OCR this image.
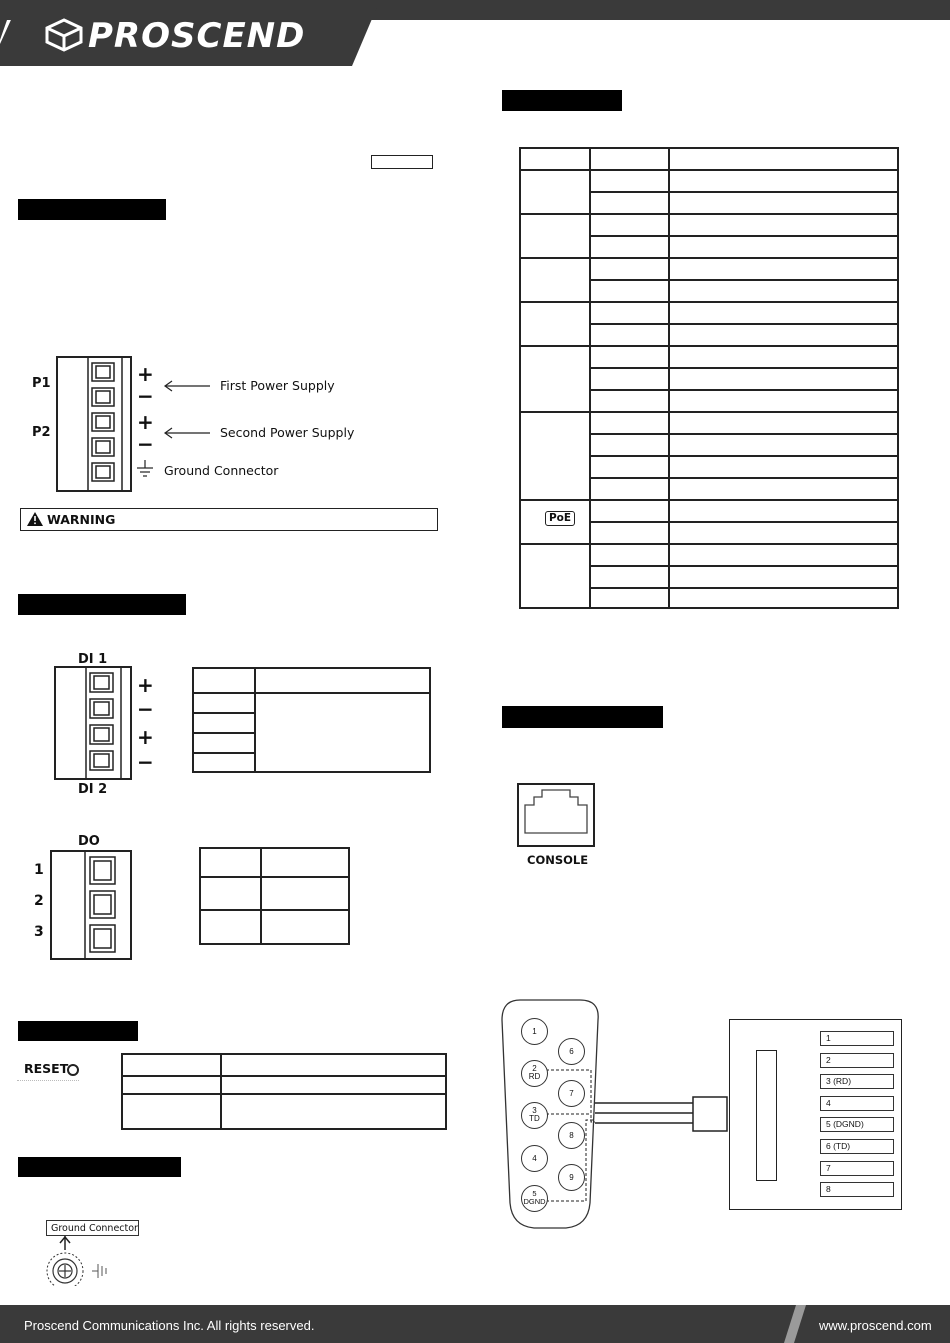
PROSCEND
P1
P2
+
−
+
−
First Power Supply
Second Power Supply
Ground Connector
WARNING
DI 1
+
−
+
−
DI 2
DO
1
2
3
RESET
Ground Connector
PoE
CONSOLE
1
6
2
RD
7
3
TD
8
4
9
5
DGND
1
2
3 (RD)
4
5 (DGND)
6 (TD)
7
8
Proscend Communications Inc. All rights reserved.	www.proscend.com
